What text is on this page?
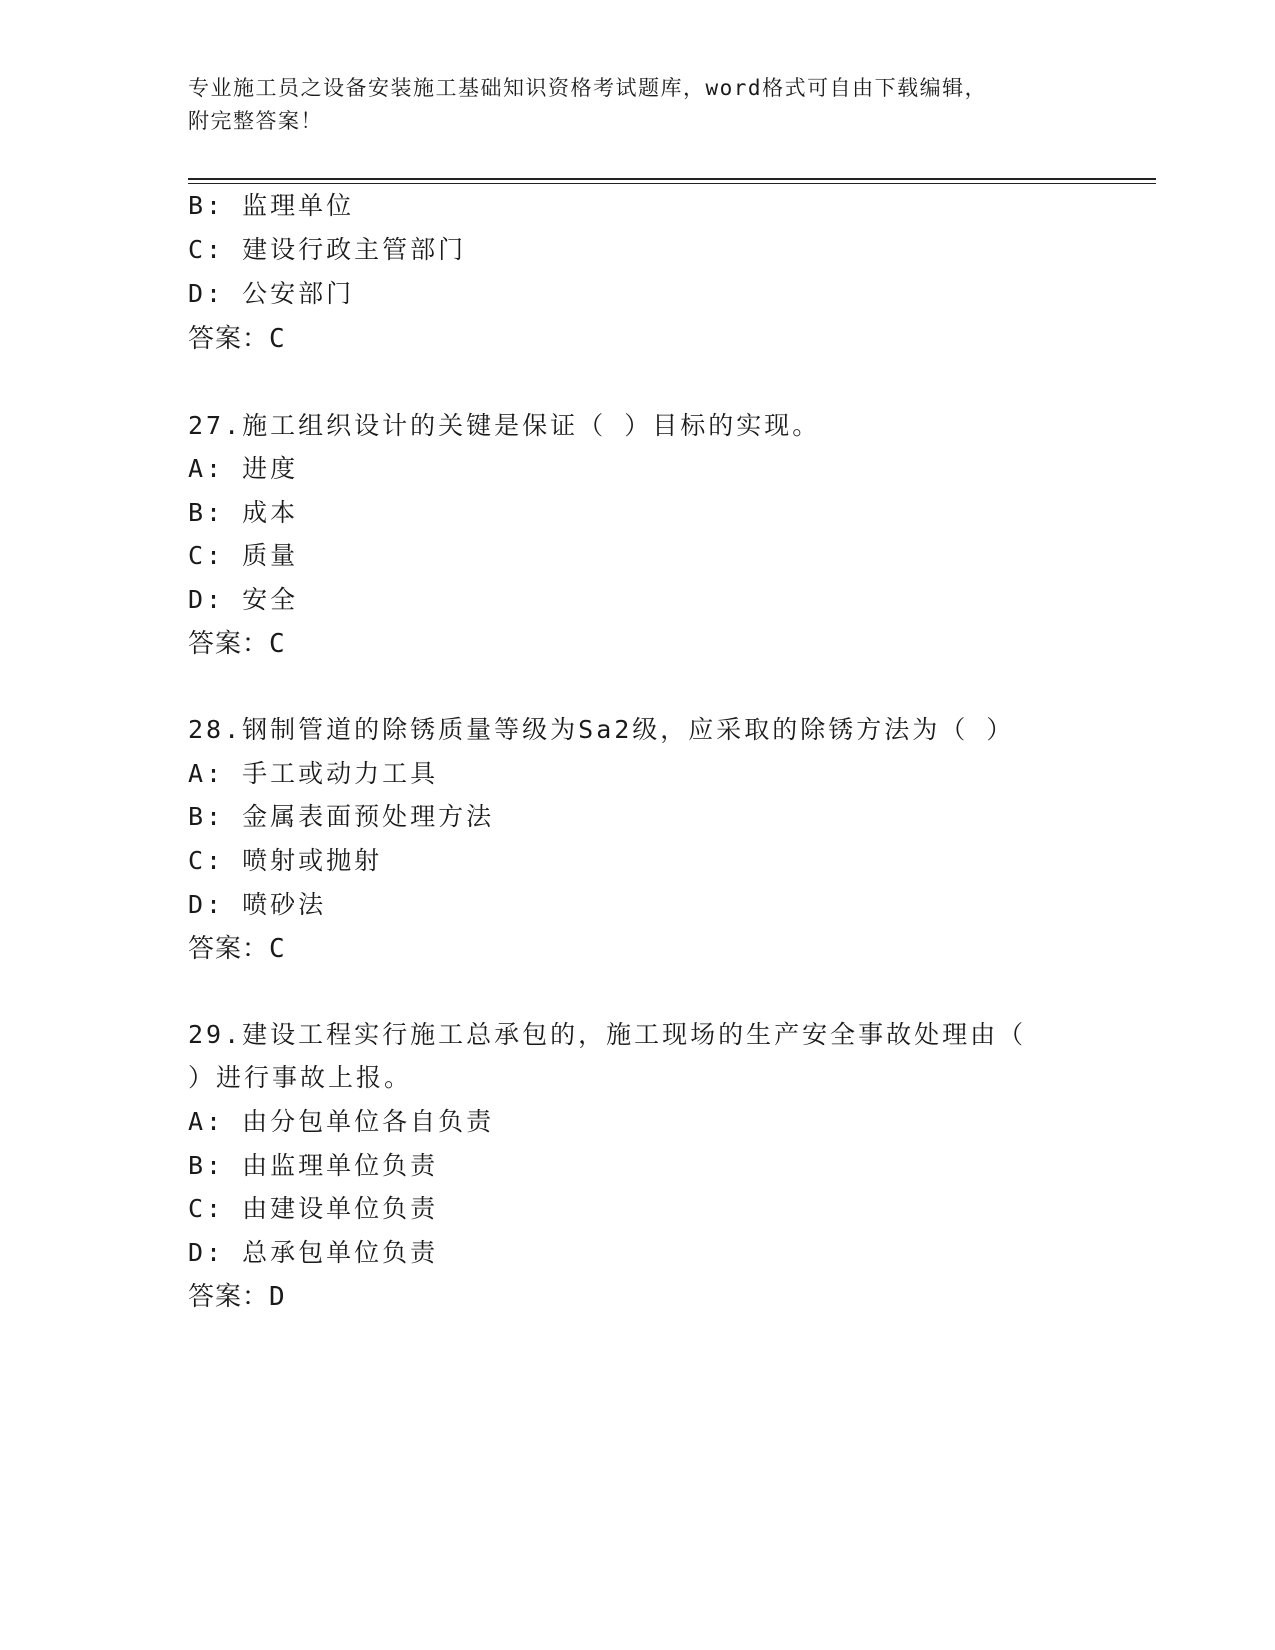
专业施工员之设备安装施工基础知识资格考试题库，word格式可自由下载编辑，
附完整答案！
B: 监理单位
C: 建设行政主管部门
D: 公安部门
答案：C
27.施工组织设计的关键是保证（ ）目标的实现。
A: 进度
B: 成本
C: 质量
D: 安全
答案：C
28.钢制管道的除锈质量等级为Sa2级，应采取的除锈方法为（ ）
A: 手工或动力工具
B: 金属表面预处理方法
C: 喷射或抛射
D: 喷砂法
答案：C
29.建设工程实行施工总承包的，施工现场的生产安全事故处理由（
）进行事故上报。
A: 由分包单位各自负责
B: 由监理单位负责
C: 由建设单位负责
D: 总承包单位负责
答案：D
